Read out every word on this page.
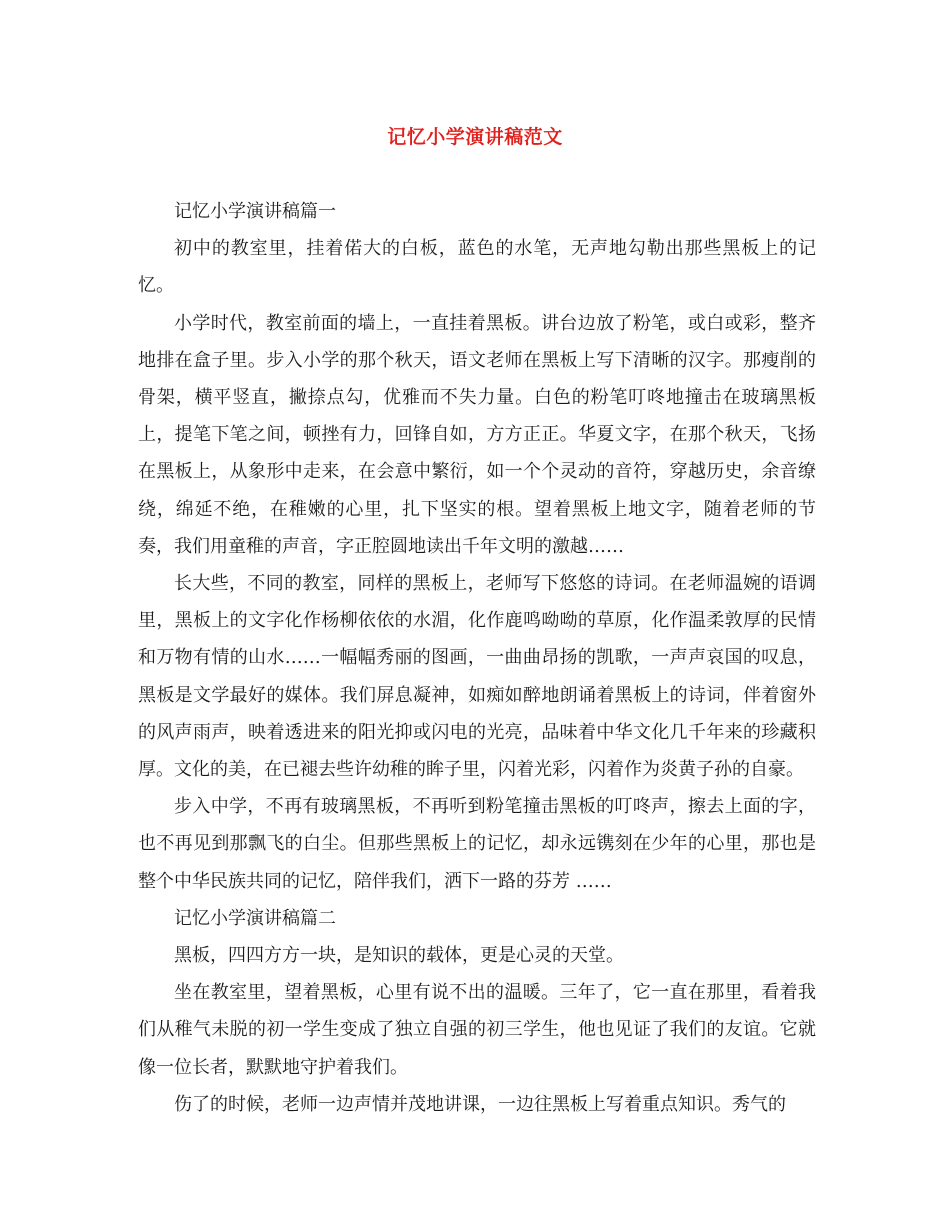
记忆小学演讲稿范文

记忆小学演讲稿篇一

初中的教室里，挂着偌大的白板，蓝色的水笔，无声地勾勒出那些黑板上的记忆。

小学时代，教室前面的墙上，一直挂着黑板。讲台边放了粉笔，或白或彩，整齐地排在盒子里。步入小学的那个秋天，语文老师在黑板上写下清晰的汉字。那瘦削的骨架，横平竖直，撇捺点勾，优雅而不失力量。白色的粉笔叮咚地撞击在玻璃黑板上，提笔下笔之间，顿挫有力，回锋自如，方方正正。华夏文字，在那个秋天，飞扬在黑板上，从象形中走来，在会意中繁衍，如一个个灵动的音符，穿越历史，余音缭绕，绵延不绝，在稚嫩的心里，扎下坚实的根。望着黑板上地文字，随着老师的节奏，我们用童稚的声音，字正腔圆地读出千年文明的激越……

长大些，不同的教室，同样的黑板上，老师写下悠悠的诗词。在老师温婉的语调里，黑板上的文字化作杨柳依依的水湄，化作鹿鸣呦呦的草原，化作温柔敦厚的民情和万物有情的山水……一幅幅秀丽的图画，一曲曲昂扬的凯歌，一声声哀国的叹息，黑板是文学最好的媒体。我们屏息凝神，如痴如醉地朗诵着黑板上的诗词，伴着窗外的风声雨声，映着透进来的阳光抑或闪电的光亮，品味着中华文化几千年来的珍藏积厚。文化的美，在已褪去些许幼稚的眸子里，闪着光彩，闪着作为炎黄子孙的自豪。

步入中学，不再有玻璃黑板，不再听到粉笔撞击黑板的叮咚声，擦去上面的字，也不再见到那飘飞的白尘。但那些黑板上的记忆，却永远镌刻在少年的心里，那也是整个中华民族共同的记忆，陪伴我们，洒下一路的芬芳 ……

记忆小学演讲稿篇二

黑板，四四方方一块，是知识的载体，更是心灵的天堂。

坐在教室里，望着黑板，心里有说不出的温暖。三年了，它一直在那里，看着我们从稚气未脱的初一学生变成了独立自强的初三学生，他也见证了我们的友谊。它就像一位长者，默默地守护着我们。

伤了的时候，老师一边声情并茂地讲课，一边往黑板上写着重点知识。秀气的
